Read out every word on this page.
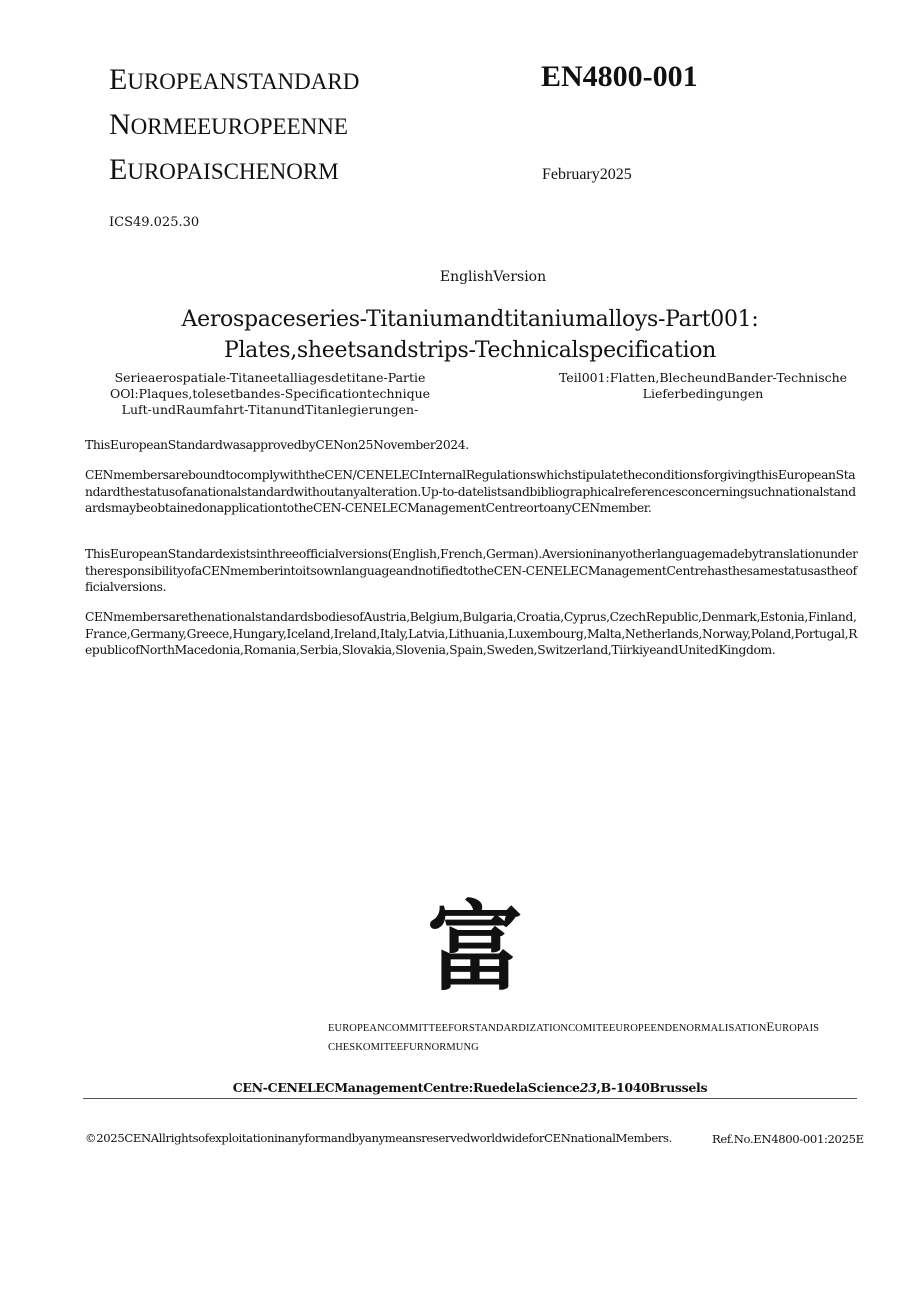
EUROPEANSTANDARD
NORMEEUROPEENNE
EUROPAISCHENORM
EN4800-001
February2025
ICS49.025.30
EnglishVersion
Aerospaceseries-Titaniumandtitaniumalloys-Part001:
Plates,sheetsandstrips-Technicalspecification
Serieaerospatiale-Titaneetalliagesdetitane-Partie
OOl:Plaques,tolesetbandes-Specificationtechnique
Luft-undRaumfahrt-TitanundTitanlegierungen-
Teil001:Flatten,BlecheundBander-Technische
Lieferbedingungen
ThisEuropeanStandardwasapprovedbyCENon25November2024.
CENmembersareboundtocomplywiththeCEN/CENELECInternalRegulationswhichstipulatetheconditionsforgivingthisEuropeanStandardthestatusofanationalstandardwithoutanyalteration.Up-to-datelistsandbibliographicalreferencesconcerningsuchnationalstandardsmaybeobtainedonapplicationtotheCEN-CENELECManagementCentreortoanyCENmember.
ThisEuropeanStandardexistsinthreeofficialversions(English,French,German).AversioninanyotherlanguagemadebytranslationundertheresponsibilityofaCENmemberintoitsownlanguageandnotifiedtotheCEN-CENELECManagementCentrehasthesamestatusastheofficialversions.
CENmembersarethenationalstandardsbodiesofAustria,Belgium,Bulgaria,Croatia,Cyprus,CzechRepublic,Denmark,Estonia,Finland,France,Germany,Greece,Hungary,Iceland,Ireland,Italy,Latvia,Lithuania,Luxembourg,Malta,Netherlands,Norway,Poland,Portugal,RepublicofNorthMacedonia,Romania,Serbia,Slovakia,Slovenia,Spain,Sweden,Switzerland,TiirkiyeandUnitedKingdom.
富
EUROPEANCOMMITTEEFORSTANDARDIZATIONCOMITEEUROPEENDENORMALISATIONEUROPAIS
CHESKOMITEEFURNORMUNG
CEN-CENELECManagementCentre:RuedelaScience23,B-1040Brussels
©2025CENAllrightsofexploitationinanyformandbyanymeansreservedworldwideforCENnationalMembers.	Ref.No.EN4800-001:2025E
